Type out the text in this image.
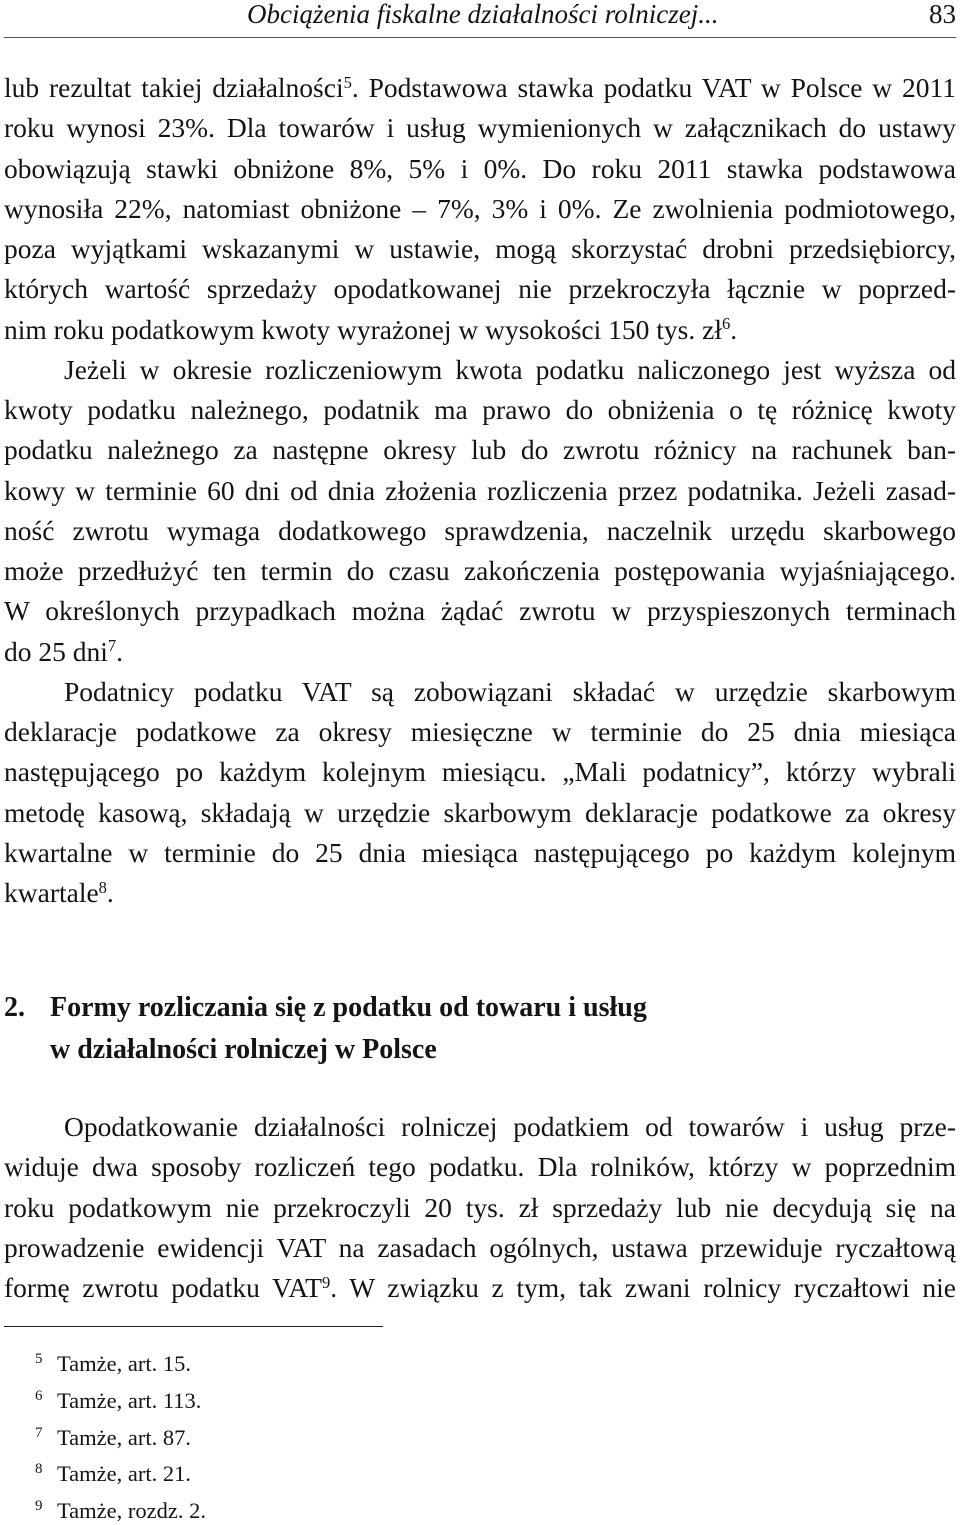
Obciążenia fiskalne działalności rolniczej...	83
lub rezultat takiej działalności$^5$. Podstawowa stawka podatku VAT w Polsce w 2011
roku wynosi 23%. Dla towarów i usług wymienionych w załącznikach do ustawy
obowiązują stawki obniżone 8%, 5% i 0%. Do roku 2011 stawka podstawowa
wynosiła 22%, natomiast obniżone – 7%, 3% i 0%. Ze zwolnienia podmiotowego,
poza wyjątkami wskazanymi w ustawie, mogą skorzystać drobni przedsiębiorcy,
których wartość sprzedaży opodatkowanej nie przekroczyła łącznie w poprzed-
nim roku podatkowym kwoty wyrażonej w wysokości 150 tys. zł$^6$.
Jeżeli w okresie rozliczeniowym kwota podatku naliczonego jest wyższa od
kwoty podatku należnego, podatnik ma prawo do obniżenia o tę różnicę kwoty
podatku należnego za następne okresy lub do zwrotu różnicy na rachunek ban-
kowy w terminie 60 dni od dnia złożenia rozliczenia przez podatnika. Jeżeli zasad-
ność zwrotu wymaga dodatkowego sprawdzenia, naczelnik urzędu skarbowego
może przedłużyć ten termin do czasu zakończenia postępowania wyjaśniającego.
W określonych przypadkach można żądać zwrotu w przyspieszonych terminach
do 25 dni$^7$.
Podatnicy podatku VAT są zobowiązani składać w urzędzie skarbowym
deklaracje podatkowe za okresy miesięczne w terminie do 25 dnia miesiąca
następującego po każdym kolejnym miesiącu. „Mali podatnicy”, którzy wybrali
metodę kasową, składają w urzędzie skarbowym deklaracje podatkowe za okresy
kwartalne w terminie do 25 dnia miesiąca następującego po każdym kolejnym
kwartale$^8$.
2. Formy rozliczania się z podatku od towaru i usług
w działalności rolniczej w Polsce
Opodatkowanie działalności rolniczej podatkiem od towarów i usług prze-
widuje dwa sposoby rozliczeń tego podatku. Dla rolników, którzy w poprzednim
roku podatkowym nie przekroczyli 20 tys. zł sprzedaży lub nie decydują się na
prowadzenie ewidencji VAT na zasadach ogólnych, ustawa przewiduje ryczałtową
formę zwrotu podatku VAT$^9$. W związku z tym, tak zwani rolnicy ryczałtowi nie
5 Tamże, art. 15.
6 Tamże, art. 113.
7 Tamże, art. 87.
8 Tamże, art. 21.
9 Tamże, rozdz. 2.
